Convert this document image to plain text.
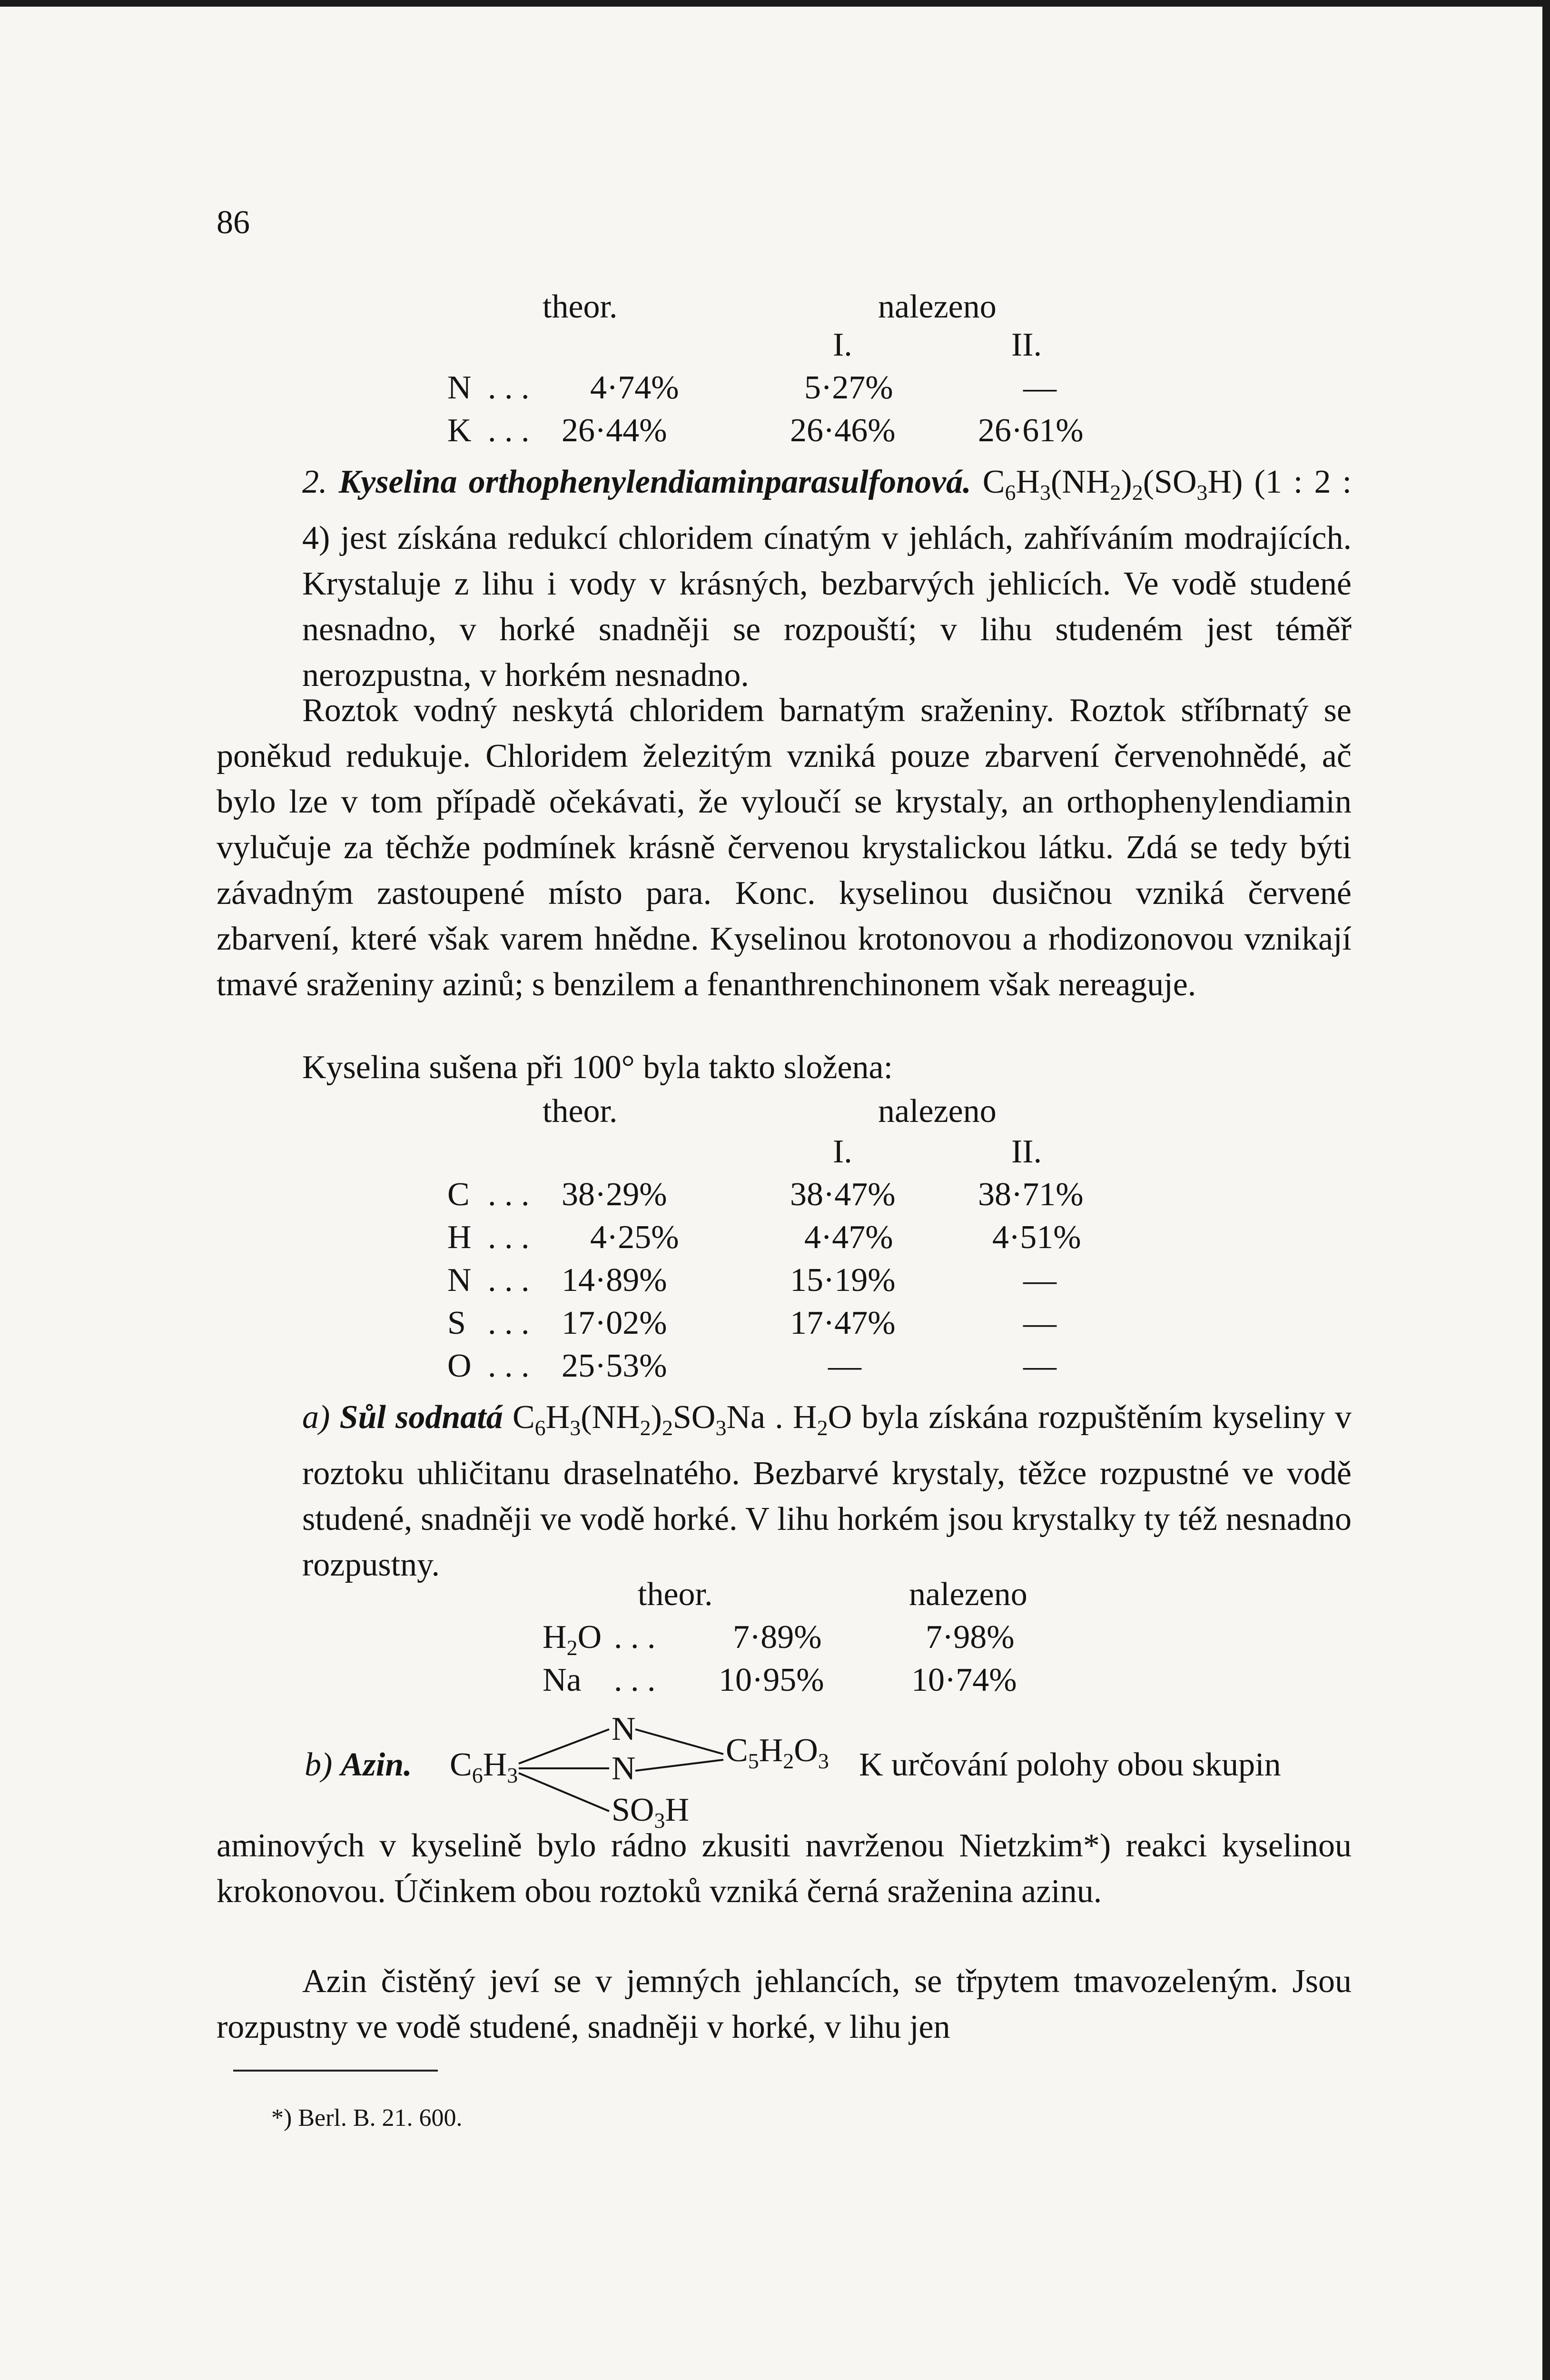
86
theor.	nalezeno
I.	II.
N . . . 4·74%	5·27%	—
K . . . 26·44%	26·46% 26·61%

2. Kyselina orthophenylendiaminparasulfonová. $C_6H_3(NH_2)_2(SO_3H)$ (1 : 2 : 4) jest získána redukcí chloridem cínatým v jehlách, zahříváním modrajících. Krystaluje z lihu i vody v krásných, bezbarvých jehlicích. Ve vodě studené nesnadno, v horké snadněji se rozpouští; v lihu studeném jest téměř nerozpustna, v horkém nesnadno.

Roztok vodný neskytá chloridem barnatým sraženiny. Roztok stříbrnatý se poněkud redukuje. Chloridem železitým vzniká pouze zbarvení červenohnědé, ač bylo lze v tom případě očekávati, že vyloučí se krystaly, an orthophenylendiamin vylučuje za těchže podmínek krásně červenou krystalickou látku. Zdá se tedy býti závadným zastoupené místo para. Konc. kyselinou dusičnou vzniká červené zbarvení, které však varem hnědne. Kyselinou krotonovou a rhodizonovou vznikají tmavé sraženiny azinů; s benzilem a fenanthrenchinonem však nereaguje.

Kyselina sušena při 100° byla takto složena:

theor.	nalezeno
I.	II.
C . . . 38·29%	38·47% 38·71%
H . . . 4·25%	4·47%	4·51%
N . . . 14·89%	15·19%	—
S . . . 17·02%	17·47%	—
O . . . 25·53%	—	—

a) Sůl sodnatá $C_6H_3(NH_2)_2SO_3Na$ . $H_2O$ byla získána rozpuštěním kyseliny v roztoku uhličitanu draselnatého. Bezbarvé krystaly, těžce rozpustné ve vodě studené, snadněji ve vodě horké. V lihu horkém jsou krystalky ty též nesnadno rozpustny.

theor.	nalezeno
$H_2O$ . . . 7·89%	7·98%
Na . . . 10·95%	10·74%
b) Azin. $C_6H_3$
N
N
$SO_3H$
$C_5H_2O_3$ K určování polohy obou skupin

aminových v kyselině bylo rádno zkusiti navrženou Nietzkim*) reakci kyselinou krokonovou. Účinkem obou roztoků vzniká černá sraženina azinu.

Azin čistěný jeví se v jemných jehlancích, se třpytem tmavozeleným. Jsou rozpustny ve vodě studené, snadněji v horké, v lihu jen

*) Berl. B. 21. 600.
